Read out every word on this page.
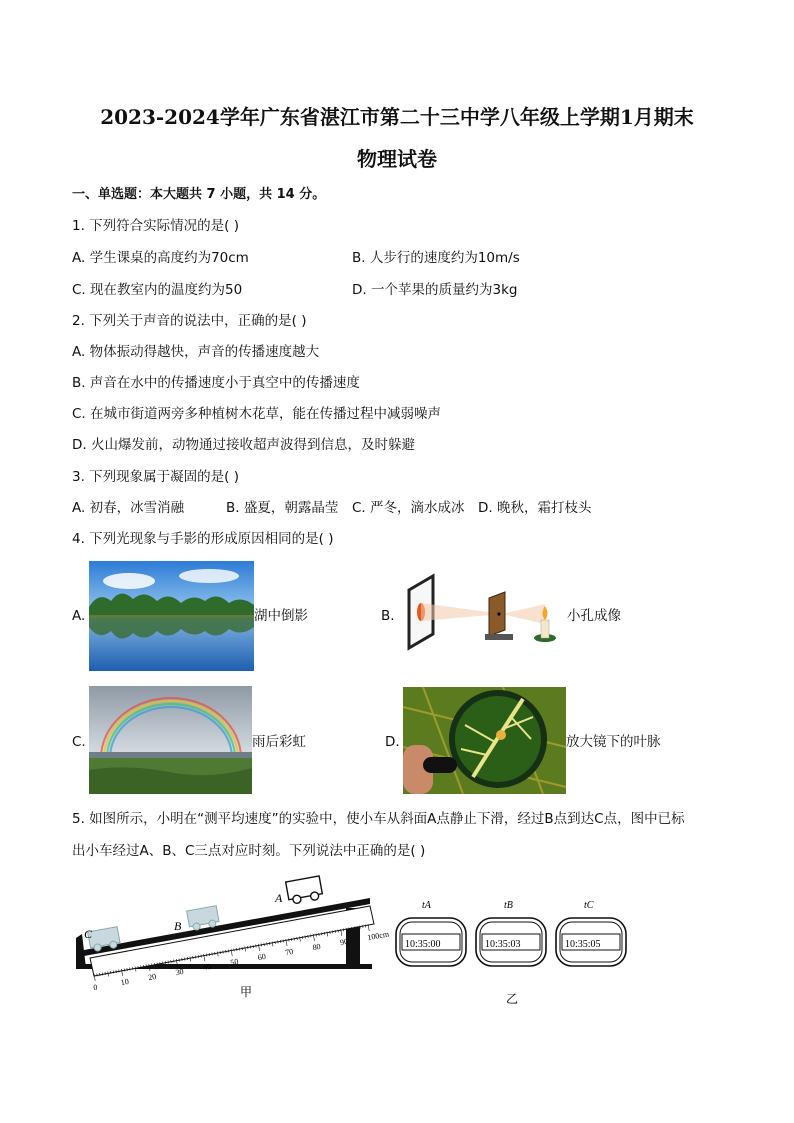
2023-2024学年广东省湛江市第二十三中学八年级上学期1月期末
物理试卷
一、单选题：本大题共 7 小题，共 14 分。
1. 下列符合实际情况的是( )
A. 学生课桌的高度约为70cm	B. 人步行的速度约为10m/s
C. 现在教室内的温度约为50	D. 一个苹果的质量约为3kg
2. 下列关于声音的说法中，正确的是( )
A. 物体振动得越快，声音的传播速度越大
B. 声音在水中的传播速度小于真空中的传播速度
C. 在城市街道两旁多种植树木花草，能在传播过程中减弱噪声
D. 火山爆发前，动物通过接收超声波得到信息，及时躲避
3. 下列现象属于凝固的是( )
A. 初春，冰雪消融	B. 盛夏，朝露晶莹 C. 严冬，滴水成冰 D. 晚秋，霜打枝头
4. 下列光现象与手影的形成原因相同的是( )
A.	湖中倒影	B.	小孔成像
C.	雨后彩虹	D.	放大镜下的叶脉
5. 如图所示，小明在“测平均速度”的实验中，使小车从斜面A点静止下滑，经过B点到达C点，图中已标
出小车经过A、B、C三点对应时刻。下列说法中正确的是( )
0
10 20 30 40 50 60 70 80 90 100cm
A
B
C
甲
tA
10:35:00
tB
10:35:03
tC
10:35:05
乙
